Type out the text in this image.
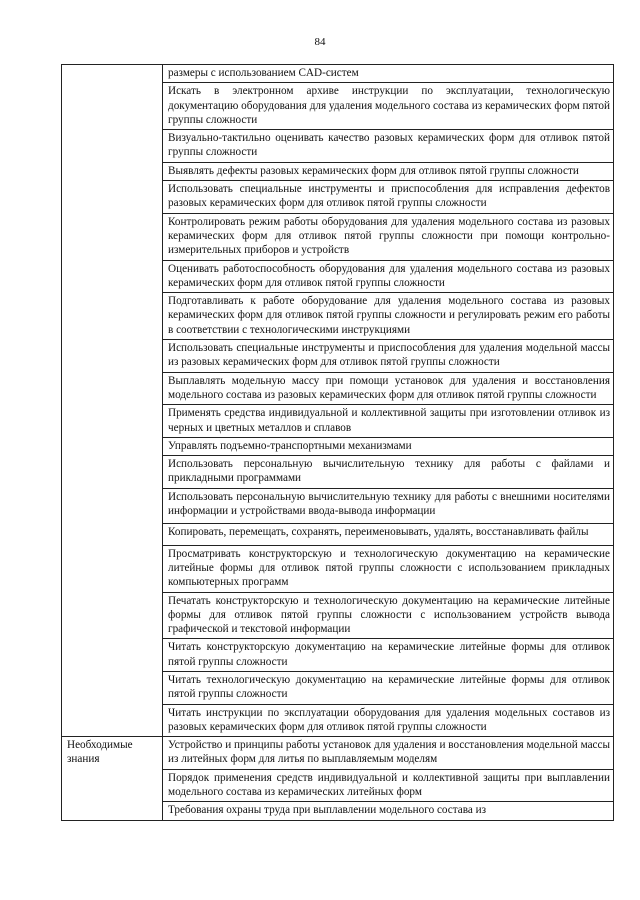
84
	размеры с использованием CAD-систем
	Искать в электронном архиве инструкции по эксплуатации, технологическую документацию оборудования для удаления модельного состава из керамических форм пятой группы сложности
	Визуально-тактильно оценивать качество разовых керамических форм для отливок пятой группы сложности
	Выявлять дефекты разовых керамических форм для отливок пятой группы сложности
	Использовать специальные инструменты и приспособления для исправления дефектов разовых керамических форм для отливок пятой группы сложности
	Контролировать режим работы оборудования для удаления модельного состава из разовых керамических форм для отливок пятой группы сложности при помощи контрольно-измерительных приборов и устройств
	Оценивать работоспособность оборудования для удаления модельного состава из разовых керамических форм для отливок пятой группы сложности
	Подготавливать к работе оборудование для удаления модельного состава из разовых керамических форм для отливок пятой группы сложности и регулировать режим его работы в соответствии с технологическими инструкциями
	Использовать специальные инструменты и приспособления для удаления модельной массы из разовых керамических форм для отливок пятой группы сложности
	Выплавлять модельную массу при помощи установок для удаления и восстановления модельного состава из разовых керамических форм для отливок пятой группы сложности
	Применять средства индивидуальной и коллективной защиты при изготовлении отливок из черных и цветных металлов и сплавов
	Управлять подъемно-транспортными механизмами
	Использовать персональную вычислительную технику для работы с файлами и прикладными программами
	Использовать персональную вычислительную технику для работы с внешними носителями информации и устройствами ввода-вывода информации
	Копировать, перемещать, сохранять, переименовывать, удалять, восстанавливать файлы
	Просматривать конструкторскую и технологическую документацию на керамические литейные формы для отливок пятой группы сложности с использованием прикладных компьютерных программ
	Печатать конструкторскую и технологическую документацию на керамические литейные формы для отливок пятой группы сложности с использованием устройств вывода графической и текстовой информации
	Читать конструкторскую документацию на керамические литейные формы для отливок пятой группы сложности
	Читать технологическую документацию на керамические литейные формы для отливок пятой группы сложности
	Читать инструкции по эксплуатации оборудования для удаления модельных составов из разовых керамических форм для отливок пятой группы сложности
Необходимые знания	Устройство и принципы работы установок для удаления и восстановления модельной массы из литейных форм для литья по выплавляемым моделям
	Порядок применения средств индивидуальной и коллективной защиты при выплавлении модельного состава из керамических литейных форм
	Требования охраны труда при выплавлении модельного состава из
